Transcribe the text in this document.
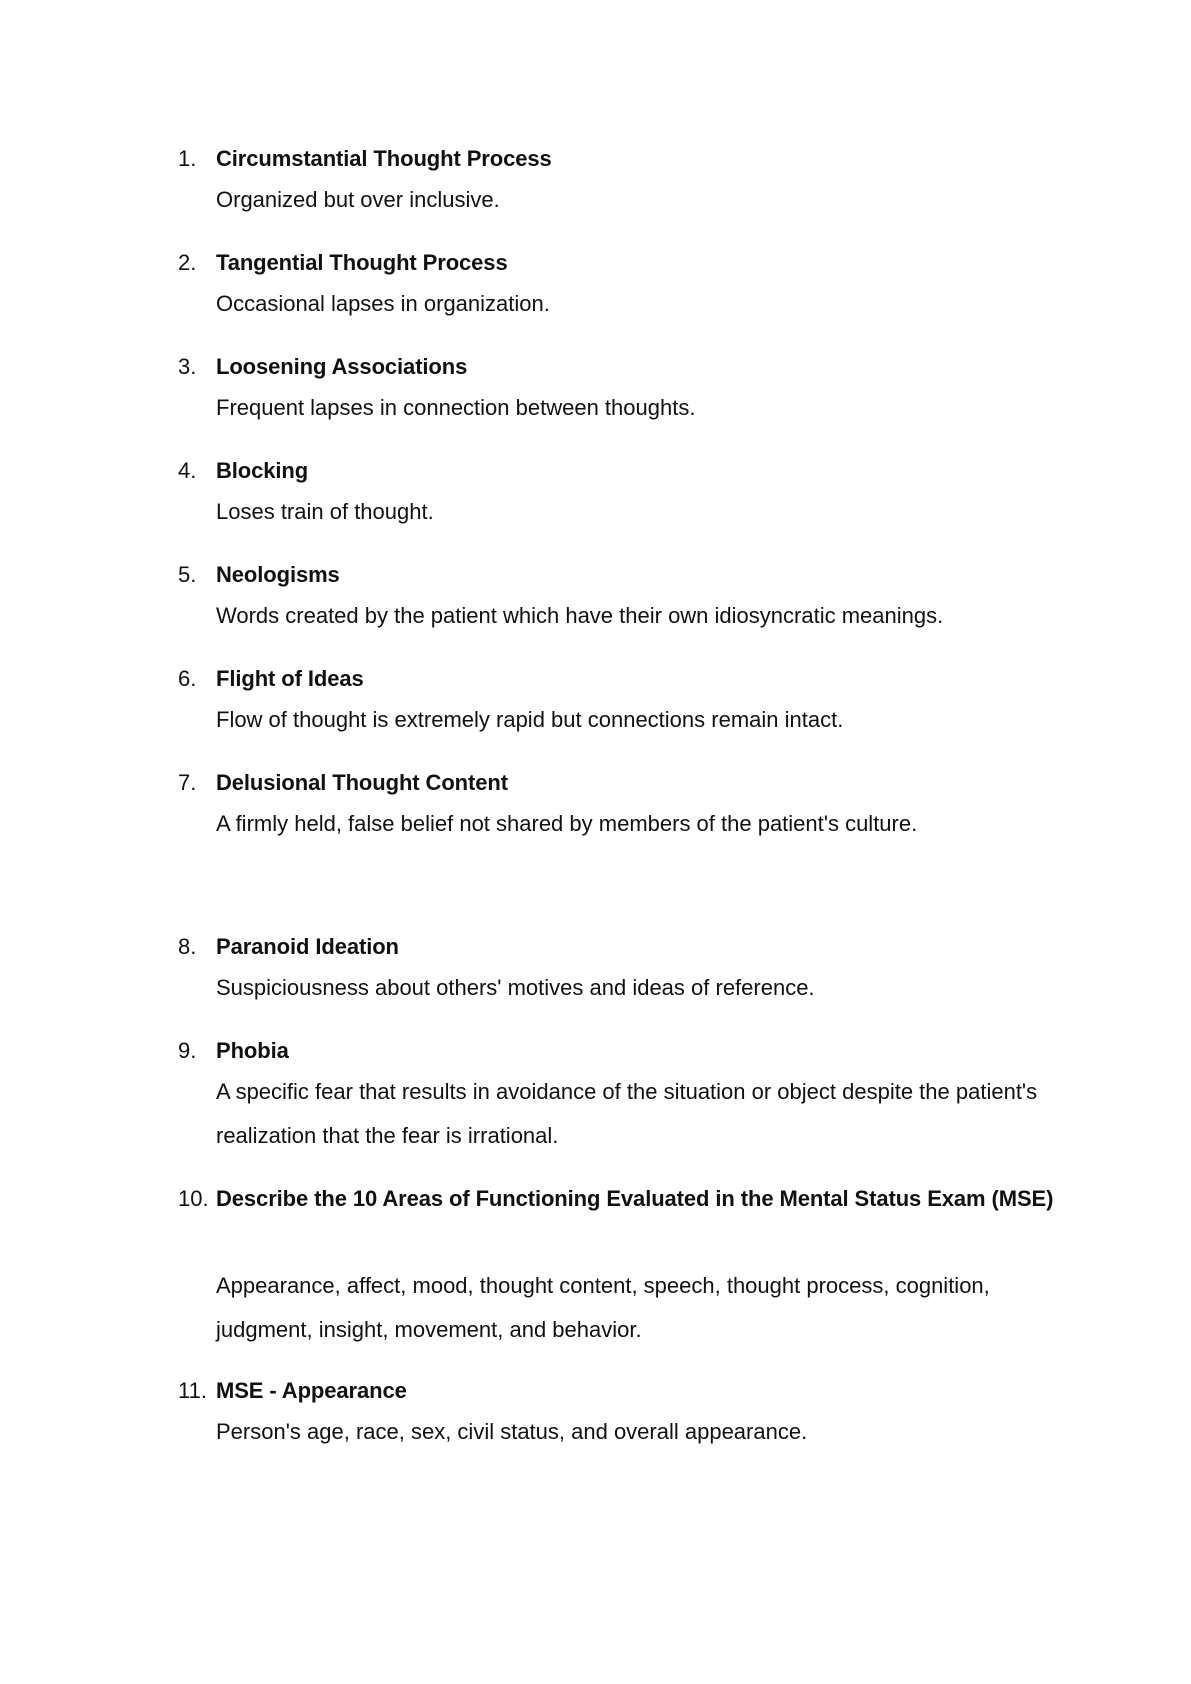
1. Circumstantial Thought Process
Organized but over inclusive.
2. Tangential Thought Process
Occasional lapses in organization.
3. Loosening Associations
Frequent lapses in connection between thoughts.
4. Blocking
Loses train of thought.
5. Neologisms
Words created by the patient which have their own idiosyncratic meanings.
6. Flight of Ideas
Flow of thought is extremely rapid but connections remain intact.
7. Delusional Thought Content
A firmly held, false belief not shared by members of the patient's culture.
8. Paranoid Ideation
Suspiciousness about others' motives and ideas of reference.
9. Phobia
A specific fear that results in avoidance of the situation or object despite the patient's realization that the fear is irrational.
10. Describe the 10 Areas of Functioning Evaluated in the Mental Status Exam (MSE)
Appearance, affect, mood, thought content, speech, thought process, cognition, judgment, insight, movement, and behavior.
11. MSE - Appearance
Person's age, race, sex, civil status, and overall appearance.
